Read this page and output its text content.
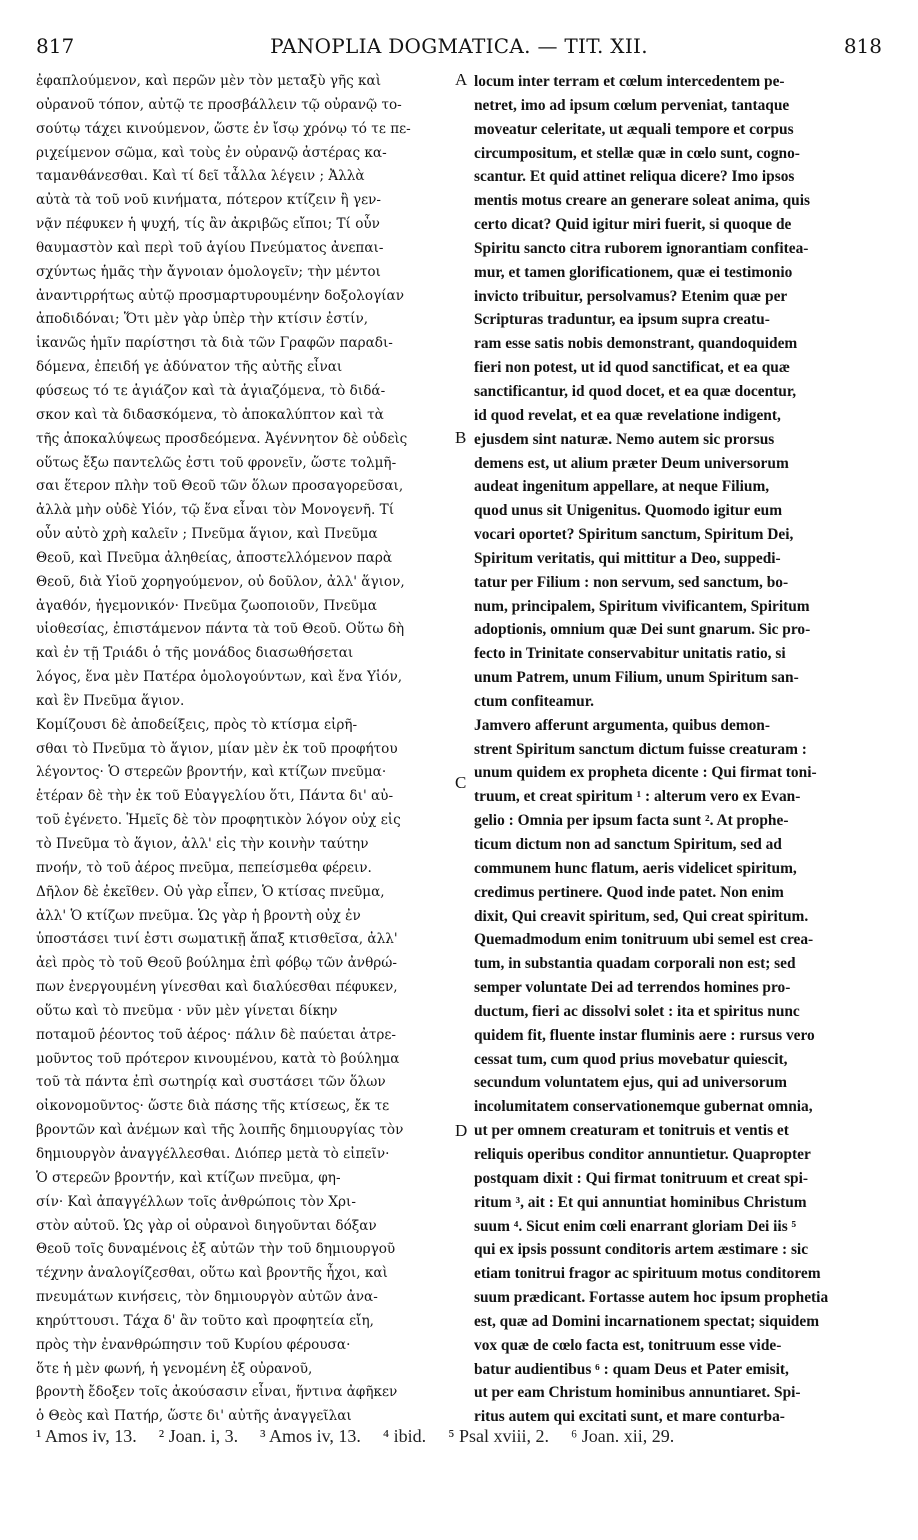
817	PANOPLIA DOGMATICA. — TIT. XII.	818
ἐφαπλούμενον, καὶ περῶν μὲν τὸν μεταξὺ γῆς καὶ
οὐρανοῦ τόπον, αὐτῷ τε προσβάλλειν τῷ οὐρανῷ το-
σούτῳ τάχει κινούμενον, ὥστε ἐν ἴσῳ χρόνῳ τό τε πε-
ριχείμενον σῶμα, καὶ τοὺς ἐν οὐρανῷ ἀστέρας κα-
ταμανθάνεσθαι. Καὶ τί δεῖ τἆλλα λέγειν ; Ἀλλὰ
αὐτὰ τὰ τοῦ νοῦ κινήματα, πότερον κτίζειν ἢ γεν-
νᾷν πέφυκεν ἡ ψυχή, τίς ἂν ἀκριβῶς εἴποι; Τί οὖν
θαυμαστὸν καὶ περὶ τοῦ ἁγίου Πνεύματος ἀνεπαι-
σχύντως ἡμᾶς τὴν ἄγνοιαν ὁμολογεῖν; τὴν μέντοι
ἀναντιρρήτως αὐτῷ προσμαρτυρουμένην δοξολογίαν
ἀποδιδόναι; Ὅτι μὲν γὰρ ὑπὲρ τὴν κτίσιν ἐστίν,
ἱκανῶς ἡμῖν παρίστησι τὰ διὰ τῶν Γραφῶν παραδι-
δόμενα, ἐπειδή γε ἀδύνατον τῆς αὐτῆς εἶναι
φύσεως τό τε ἁγιάζον καὶ τὰ ἁγιαζόμενα, τὸ διδά-
σκον καὶ τὰ διδασκόμενα, τὸ ἀποκαλύπτον καὶ τὰ
τῆς ἀποκαλύψεως προσδεόμενα. Ἀγέννητον δὲ οὐδεὶς
οὕτως ἔξω παντελῶς ἐστι τοῦ φρονεῖν, ὥστε τολμῆ-
σαι ἕτερον πλὴν τοῦ Θεοῦ τῶν ὅλων προσαγορεῦσαι,
ἀλλὰ μὴν οὐδὲ Υἱόν, τῷ ἕνα εἶναι τὸν Μονογενῆ. Τί
οὖν αὐτὸ χρὴ καλεῖν ; Πνεῦμα ἅγιον, καὶ Πνεῦμα
Θεοῦ, καὶ Πνεῦμα ἀληθείας, ἀποστελλόμενον παρὰ
Θεοῦ, διὰ Υἱοῦ χορηγούμενον, οὐ δοῦλον, ἀλλ' ἅγιον,
ἀγαθόν, ἡγεμονικόν· Πνεῦμα ζωοποιοῦν, Πνεῦμα
υἱοθεσίας, ἐπιστάμενον πάντα τὰ τοῦ Θεοῦ. Οὕτω δὴ
καὶ ἐν τῇ Τριάδι ὁ τῆς μονάδος διασωθήσεται
λόγος, ἕνα μὲν Πατέρα ὁμολογούντων, καὶ ἕνα Υἱόν,
καὶ ἓν Πνεῦμα ἅγιον.
Κομίζουσι δὲ ἀποδείξεις, πρὸς τὸ κτίσμα εἰρῆ-
σθαι τὸ Πνεῦμα τὸ ἅγιον, μίαν μὲν ἐκ τοῦ προφήτου
λέγοντος· Ὁ στερεῶν βροντήν, καὶ κτίζων πνεῦμα·
ἑτέραν δὲ τὴν ἐκ τοῦ Εὐαγγελίου ὅτι, Πάντα δι' αὐ-
τοῦ ἐγένετο. Ἡμεῖς δὲ τὸν προφητικὸν λόγον οὐχ εἰς
τὸ Πνεῦμα τὸ ἅγιον, ἀλλ' εἰς τὴν κοινὴν ταύτην
πνοήν, τὸ τοῦ ἀέρος πνεῦμα, πεπείσμεθα φέρειν.
Δῆλον δὲ ἐκεῖθεν. Οὐ γὰρ εἶπεν, Ὁ κτίσας πνεῦμα,
ἀλλ' Ὁ κτίζων πνεῦμα. Ὡς γὰρ ἡ βροντὴ οὐχ ἐν
ὑποστάσει τινί ἐστι σωματικῇ ἅπαξ κτισθεῖσα, ἀλλ'
ἀεὶ πρὸς τὸ τοῦ Θεοῦ βούλημα ἐπὶ φόβῳ τῶν ἀνθρώ-
πων ἐνεργουμένη γίνεσθαι καὶ διαλύεσθαι πέφυκεν,
οὕτω καὶ τὸ πνεῦμα · νῦν μὲν γίνεται δίκην
ποταμοῦ ῥέοντος τοῦ ἀέρος· πάλιν δὲ παύεται ἀτρε-
μοῦντος τοῦ πρότερον κινουμένου, κατὰ τὸ βούλημα
τοῦ τὰ πάντα ἐπὶ σωτηρίᾳ καὶ συστάσει τῶν ὅλων
οἰκονομοῦντος· ὥστε διὰ πάσης τῆς κτίσεως, ἔκ τε
βροντῶν καὶ ἀνέμων καὶ τῆς λοιπῆς δημιουργίας τὸν
δημιουργὸν ἀναγγέλλεσθαι. Διόπερ μετὰ τὸ εἰπεῖν·
Ὁ στερεῶν βροντήν, καὶ κτίζων πνεῦμα, φη-
σίν· Καὶ ἀπαγγέλλων τοῖς ἀνθρώποις τὸν Χρι-
στὸν αὐτοῦ. Ὡς γὰρ οἱ οὐρανοὶ διηγοῦνται δόξαν
Θεοῦ τοῖς δυναμένοις ἐξ αὐτῶν τὴν τοῦ δημιουργοῦ
τέχνην ἀναλογίζεσθαι, οὕτω καὶ βροντῆς ἦχοι, καὶ
πνευμάτων κινήσεις, τὸν δημιουργὸν αὐτῶν ἀνα-
κηρύττουσι. Τάχα δ' ἂν τοῦτο καὶ προφητεία εἴη,
πρὸς τὴν ἐνανθρώπησιν τοῦ Κυρίου φέρουσα·
ὅτε ἡ μὲν φωνή, ἡ γενομένη ἐξ οὐρανοῦ,
βροντὴ ἔδοξεν τοῖς ἀκούσασιν εἶναι, ἥντινα ἀφῆκεν
ὁ Θεὸς καὶ Πατήρ, ὥστε δι' αὐτῆς ἀναγγεῖλαι
locum inter terram et cœlum intercedentem pe-
netret, imo ad ipsum cœlum perveniat, tantaque
moveatur celeritate, ut æquali tempore et corpus
circumpositum, et stellæ quæ in cœlo sunt, cogno-
scantur. Et quid attinet reliqua dicere? Imo ipsos
mentis motus creare an generare soleat anima, quis
certo dicat? Quid igitur miri fuerit, si quoque de
Spiritu sancto citra ruborem ignorantiam confitea-
mur, et tamen glorificationem, quæ ei testimonio
invicto tribuitur, persolvamus? Etenim quæ per
Scripturas traduntur, ea ipsum supra creatu-
ram esse satis nobis demonstrant, quandoquidem
fieri non potest, ut id quod sanctificat, et ea quæ
sanctificantur, id quod docet, et ea quæ docentur,
id quod revelat, et ea quæ revelatione indigent,
ejusdem sint naturæ. Nemo autem sic prorsus
demens est, ut alium præter Deum universorum
audeat ingenitum appellare, at neque Filium,
quod unus sit Unigenitus. Quomodo igitur eum
vocari oportet? Spiritum sanctum, Spiritum Dei,
Spiritum veritatis, qui mittitur a Deo, suppedi-
tatur per Filium : non servum, sed sanctum, bo-
num, principalem, Spiritum vivificantem, Spiritum
adoptionis, omnium quæ Dei sunt gnarum. Sic pro-
fecto in Trinitate conservabitur unitatis ratio, si
unum Patrem, unum Filium, unum Spiritum san-
ctum confiteamur.
Jamvero afferunt argumenta, quibus demon-
strent Spiritum sanctum dictum fuisse creaturam :
unum quidem ex propheta dicente : Qui firmat toni-
truum, et creat spiritum ¹ : alterum vero ex Evan-
gelio : Omnia per ipsum facta sunt ². At prophe-
ticum dictum non ad sanctum Spiritum, sed ad
communem hunc flatum, aeris videlicet spiritum,
credimus pertinere. Quod inde patet. Non enim
dixit, Qui creavit spiritum, sed, Qui creat spiritum.
Quemadmodum enim tonitruum ubi semel est crea-
tum, in substantia quadam corporali non est; sed
semper voluntate Dei ad terrendos homines pro-
ductum, fieri ac dissolvi solet : ita et spiritus nunc
quidem fit, fluente instar fluminis aere : rursus vero
cessat tum, cum quod prius movebatur quiescit,
secundum voluntatem ejus, qui ad universorum
incolumitatem conservationemque gubernat omnia,
ut per omnem creaturam et tonitruis et ventis et
reliquis operibus conditor annuntietur. Quapropter
postquam dixit : Qui firmat tonitruum et creat spi-
ritum ³, ait : Et qui annuntiat hominibus Christum
suum ⁴. Sicut enim cœli enarrant gloriam Dei iis ⁵
qui ex ipsis possunt conditoris artem æstimare : sic
etiam tonitrui fragor ac spirituum motus conditorem
suum prædicant. Fortasse autem hoc ipsum prophetia
est, quæ ad Domini incarnationem spectat; siquidem
vox quæ de cœlo facta est, tonitruum esse vide-
batur audientibus ⁶ : quam Deus et Pater emisit,
ut per eam Christum hominibus annuntiaret. Spi-
ritus autem qui excitati sunt, et mare conturba-
A
B
C
D
¹ Amos iv, 13. ² Joan. i, 3. ³ Amos iv, 13. ⁴ ibid. ⁵ Psal xviii, 2. ⁶ Joan. xii, 29.
